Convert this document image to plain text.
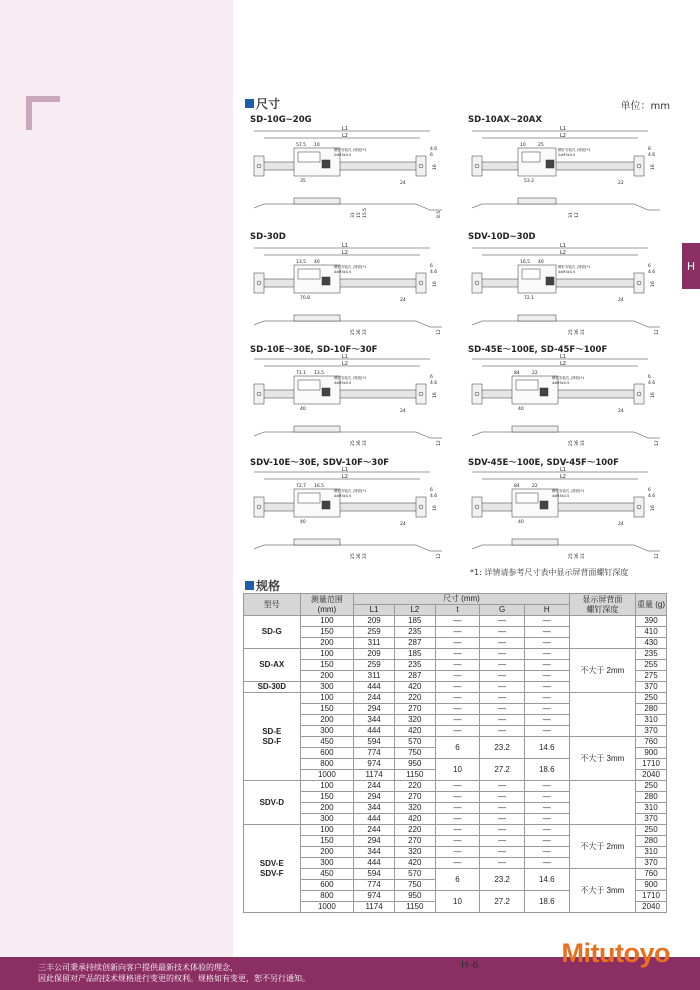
H
尺寸	单位：mm
SD-10G~20G
L1
L2
57.5 10
35	24
4.6
6
16
螺钉安装孔 (背面)*1
2xM3x0.5
31 15 15.5	8.5
SD-10AX~20AX
L1
L2
10	25
53.2	22
6
4.6
16
螺钉安装孔 (背面)*1
2xM3x0.5
31 12
SD-30D
L1
L2
13.5 40
70.8	24
6
4.6
16
螺钉安装孔 (背面)*1
4xM3x0.5
25 36 33	12
SDV-10D~30D
L1
L2
16.5 40
72.1	24
6
4.6
16
螺钉安装孔 (背面)*1
4xM3x0.5
25 36 33	12
SD-10E～30E, SD-10F～30F
L1
L2
71.1 13.5
40	24
6
4.6
16
螺钉安装孔 (背面)*1
4xM3x0.5
25 36 33	12
SD-45E～100E, SD-45F～100F
L1
L2
84	22
40	24
6
4.6
16
螺钉安装孔 (背面)*1
4xM3x0.5
25 36 33	12
SDV-10E～30E, SDV-10F～30F
L1
L2
72.7 16.5
40	24
6
4.6
16
螺钉安装孔 (背面)*1
4xM3x0.5
25 36 33	12
SDV-45E～100E, SDV-45F～100F
L1
L2
84	22
40	24
6
4.6
16
螺钉安装孔 (背面)*1
4xM3x0.5
25 36 33	12
*1: 详情请参考尺寸表中显示屏背面螺钉深度
规格
型号	测量范围
(mm)	尺寸 (mm)					显示屏背面
螺钉深度	重量 (g)
		L1	L2	t	G	H		
SD-G	100	209	185	—	—	—		390
	150	259	235	—	—	—		410
	200	311	287	—	—	—		430
SD-AX	100	209	185	—	—	—	不大于 2mm	235
	150	259	235	—	—	—		255
	200	311	287	—	—	—		275
SD-30D	300	444	420	—	—	—		370
SD-E
SD-F	100	244	220	—	—	—		250
	150	294	270	—	—	—		280
	200	344	320	—	—	—		310
	300	444	420	—	—	—		370
	450	594	570	6	23.2	14.6	不大于 3mm	760
	600	774	750					900
	800	974	950	10	27.2	18.6		1710
	1000	1174	1150					2040
SDV-D	100	244	220	—	—	—		250
	150	294	270	—	—	—		280
	200	344	320	—	—	—		310
	300	444	420	—	—	—		370
SDV-E
SDV-F	100	244	220	—	—	—	不大于 2mm	250
	150	294	270	—	—	—		280
	200	344	320	—	—	—		310
	300	444	420	—	—	—		370
	450	594	570	6	23.2	14.6	不大于 3mm	760
	600	774	750					900
	800	974	950	10	27.2	18.6		1710
	1000	1174	1150					2040
三丰公司秉承持续创新向客户提供最新技术体验的理念，
因此保留对产品的技术规格进行变更的权利。规格如有变更，恕不另行通知。
H-6	Mitutoyo
